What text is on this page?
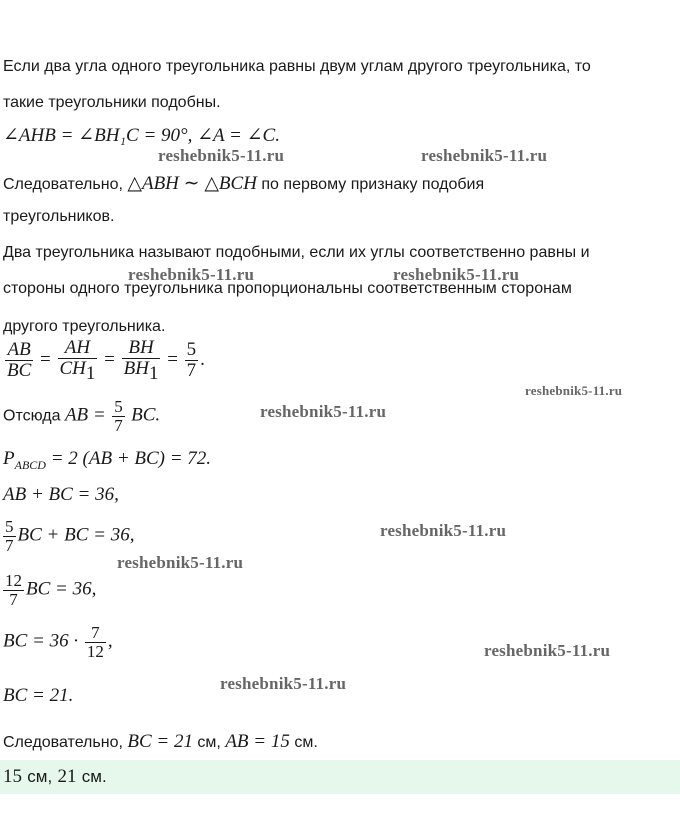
Если два угла одного треугольника равны двум углам другого треугольника, то
такие треугольники подобны.
∠AHB = ∠BH₁C = 90°, ∠A = ∠C.
Следовательно, △ABH ∼ △BCH по первому признаку подобия
треугольников.
Два треугольника называют подобными, если их углы соответственно равны и
стороны одного треугольника пропорциональны соответственным сторонам
другого треугольника.
$\frac{AB}{BC} = \frac{AH}{CH_1} = \frac{BH}{BH_1} = \frac{5}{7}$ .
Отсюда AB = $\frac{5}{7}$ BC.
$P_{ABCD} = 2$ (AB + BC) = 72.
AB + BC = 36,
$\frac{5}{7}$ BC + BC = 36,
$\frac{12}{7}$ BC = 36,
BC = $36 \cdot \frac{7}{12}$ ,
BC = 21.
Следовательно, BC = 21 см, AB = 15 см.
15 см, 21 см.
reshebnik5-11.ru	reshebnik5-11.ru
reshebnik5-11.ru	reshebnik5-11.ru
reshebnik5-11.ru
reshebnik5-11.ru
reshebnik5-11.ru
reshebnik5-11.ru
reshebnik5-11.ru
reshebnik5-11.ru
